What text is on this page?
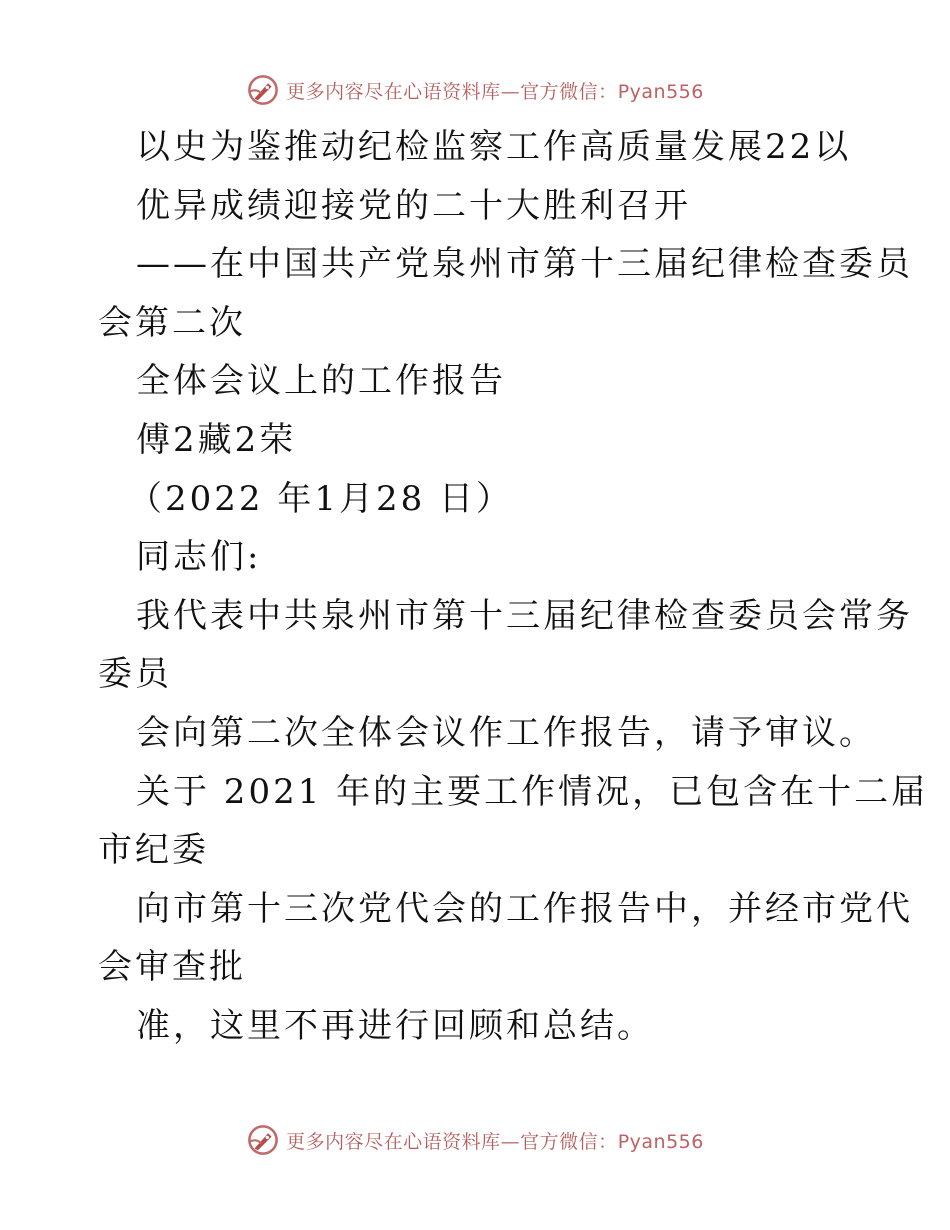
更多内容尽在心语资料库—官方微信：Pyan556
以史为鉴推动纪检监察工作高质量发展22以
优异成绩迎接党的二十大胜利召开
——在中国共产党泉州市第十三届纪律检查委员
会第二次
全体会议上的工作报告
傅2藏2荣
（2022 年1月28 日）
同志们:
我代表中共泉州市第十三届纪律检查委员会常务
委员
会向第二次全体会议作工作报告，请予审议。
关于 2021 年的主要工作情况，已包含在十二届
市纪委
向市第十三次党代会的工作报告中，并经市党代
会审查批
准，这里不再进行回顾和总结。
更多内容尽在心语资料库—官方微信：Pyan556
